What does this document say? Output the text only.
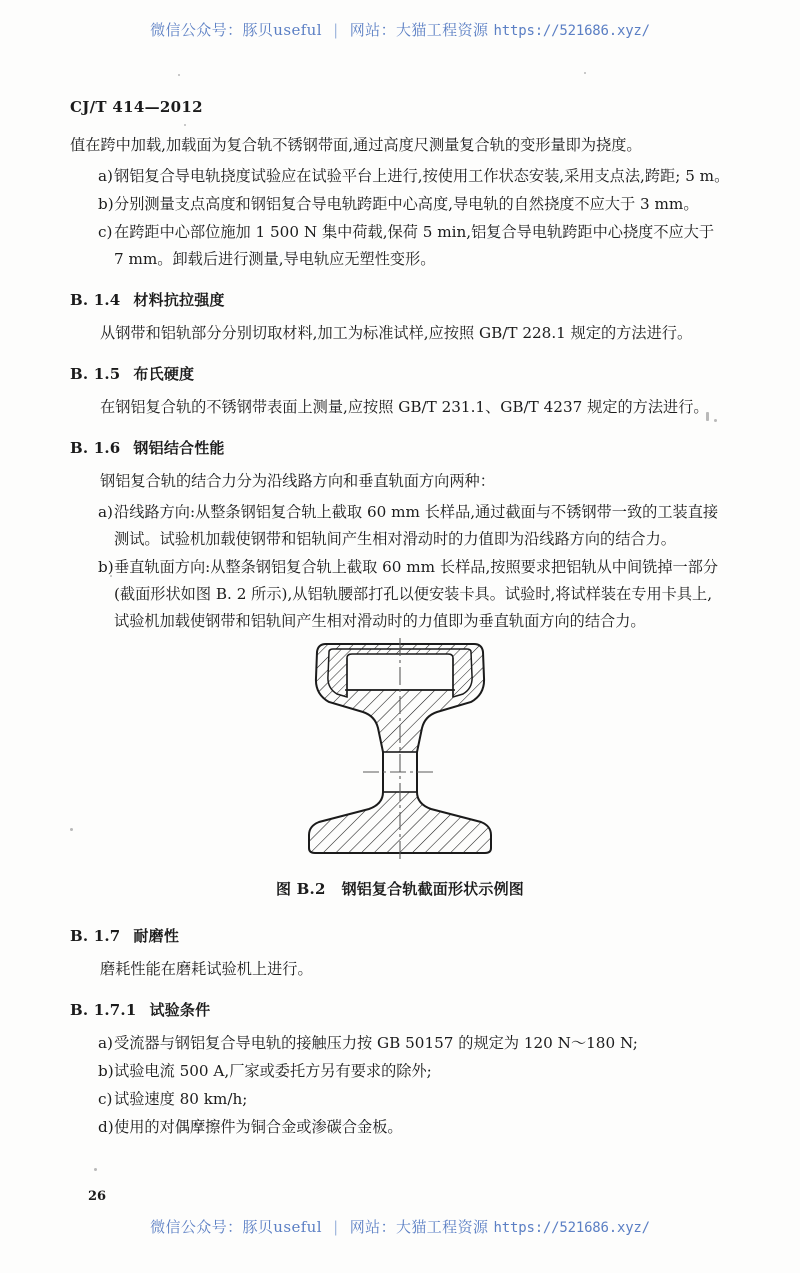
微信公众号：豚贝useful | 网站：大猫工程资源 https://521686.xyz/
CJ/T 414—2012

值在跨中加载,加载面为复合轨不锈钢带面,通过高度尺测量复合轨的变形量即为挠度。

a) 钢铝复合导电轨挠度试验应在试验平台上进行,按使用工作状态安装,采用支点法,跨距; 5 m。
b) 分别测量支点高度和钢铝复合导电轨跨距中心高度,导电轨的自然挠度不应大于 3 mm。
c) 在跨距中心部位施加 1 500 N 集中荷载,保荷 5 min,铝复合导电轨跨距中心挠度不应大于 7 mm。卸载后进行测量,导电轨应无塑性变形。
B. 1.4 材料抗拉强度

从钢带和铝轨部分分别切取材料,加工为标准试样,应按照 GB/T 228.1 规定的方法进行。

B. 1.5 布氏硬度

在钢铝复合轨的不锈钢带表面上测量,应按照 GB/T 231.1、GB/T 4237 规定的方法进行。

B. 1.6 钢铝结合性能

钢铝复合轨的结合力分为沿线路方向和垂直轨面方向两种：

a) 沿线路方向:从整条钢铝复合轨上截取 60 mm 长样品,通过截面与不锈钢带一致的工装直接 测试。试验机加载使钢带和铝轨间产生相对滑动时的力值即为沿线路方向的结合力。
b) 垂直轨面方向:从整条钢铝复合轨上截取 60 mm 长样品,按照要求把铝轨从中间铣掉一部分 (截面形状如图 B. 2 所示),从铝轨腰部打孔以便安装卡具。试验时,将试样装在专用卡具上, 试验机加载使钢带和铝轨间产生相对滑动时的力值即为垂直轨面方向的结合力。
图 B.2 钢铝复合轨截面形状示例图
B. 1.7 耐磨性

磨耗性能在磨耗试验机上进行。

B. 1.7.1 试验条件
a) 受流器与钢铝复合导电轨的接触压力按 GB 50157 的规定为 120 N～180 N;
b) 试验电流 500 A,厂家或委托方另有要求的除外;
c) 试验速度 80 km/h;
d) 使用的对偶摩擦件为铜合金或渗碳合金板。
26
微信公众号：豚贝useful | 网站：大猫工程资源 https://521686.xyz/
